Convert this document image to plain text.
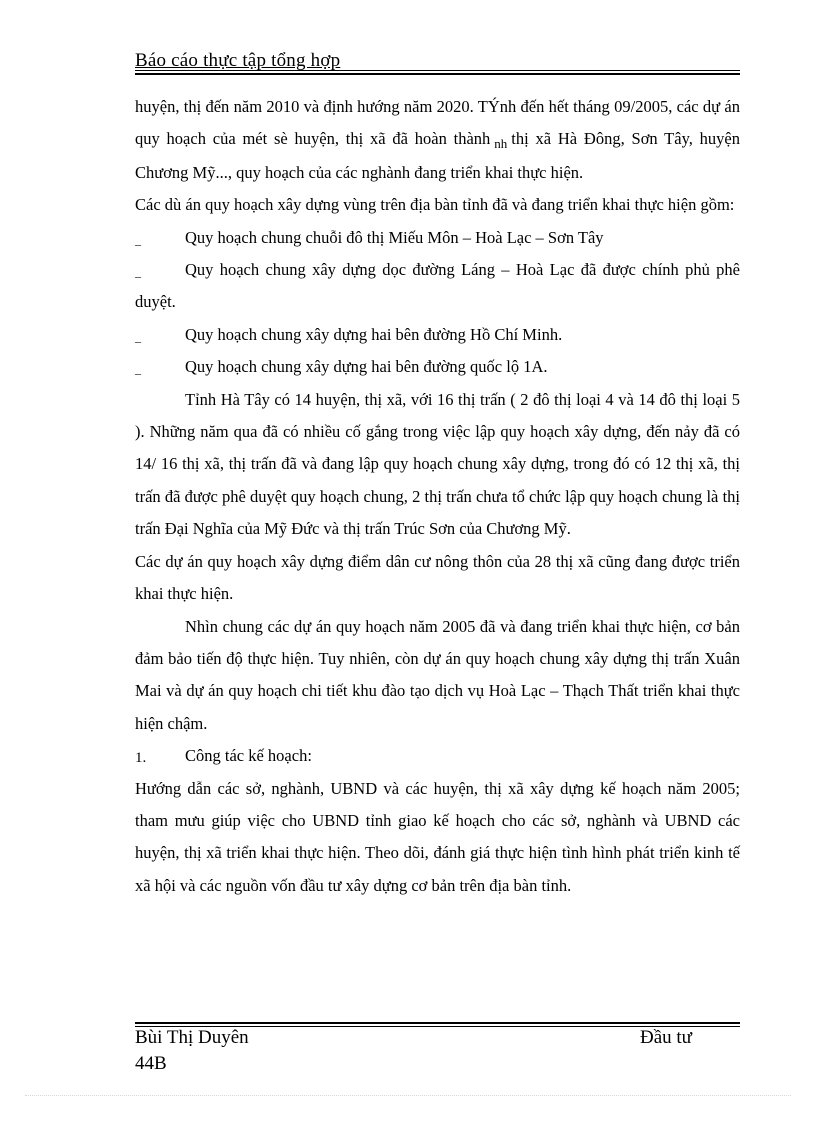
Báo cáo thực tập tổng hợp

huyện, thị đến năm 2010 và định hướng năm 2020. TÝnh đến hết tháng 09/2005, các dự án quy hoạch của mét sè huyện, thị xã đã hoàn thành $_{nh}$ thị xã Hà Đông, Sơn Tây, huyện Chương Mỹ..., quy hoạch của các nghành đang triển khai thực hiện.

Các dù án quy hoạch xây dựng vùng trên địa bàn tỉnh đã và đang triển khai thực hiện gồm:

_	Quy hoạch chung chuỗi đô thị Miếu Môn – Hoà Lạc – Sơn Tây

_	Quy hoạch chung xây dựng dọc đường Láng – Hoà Lạc đã được chính phủ phê duyệt.

_	Quy hoạch chung xây dựng hai bên đường Hồ Chí Minh.

_	Quy hoạch chung xây dựng hai bên đường quốc lộ 1A.

Tỉnh Hà Tây có 14 huyện, thị xã, với 16 thị trấn ( 2 đô thị loại 4 và 14 đô thị loại 5 ). Những năm qua đã có nhiều cố gắng trong việc lập quy hoạch xây dựng, đến nảy đã có 14/ 16 thị xã, thị trấn đã và đang lập quy hoạch chung xây dựng, trong đó có 12 thị xã, thị trấn đã được phê duyệt quy hoạch chung, 2 thị trấn chưa tổ chức lập quy hoạch chung là thị trấn Đại Nghĩa của Mỹ Đức và thị trấn Trúc Sơn của Chương Mỹ.

Các dự án quy hoạch xây dựng điểm dân cư nông thôn của 28 thị xã cũng đang được triển khai thực hiện.

Nhìn chung các dự án quy hoạch năm 2005 đã và đang triển khai thực hiện, cơ bản đảm bảo tiến độ thực hiện. Tuy nhiên, còn dự án quy hoạch chung xây dựng thị trấn Xuân Mai và dự án quy hoạch chi tiết khu đào tạo dịch vụ Hoà Lạc – Thạch Thất triển khai thực hiện chậm.

1. Công tác kế hoạch:

Hướng dẫn các sở, nghành, UBND và các huyện, thị xã xây dựng kế hoạch năm 2005; tham mưu giúp việc cho UBND tỉnh giao kế hoạch cho các sở, nghành và UBND các huyện, thị xã triển khai thực hiện. Theo dõi, đánh giá thực hiện tình hình phát triển kinh tế xã hội và các nguồn vốn đầu tư xây dựng cơ bản trên địa bàn tỉnh.

Bùi Thị Duyên
44B
Đầu tư
